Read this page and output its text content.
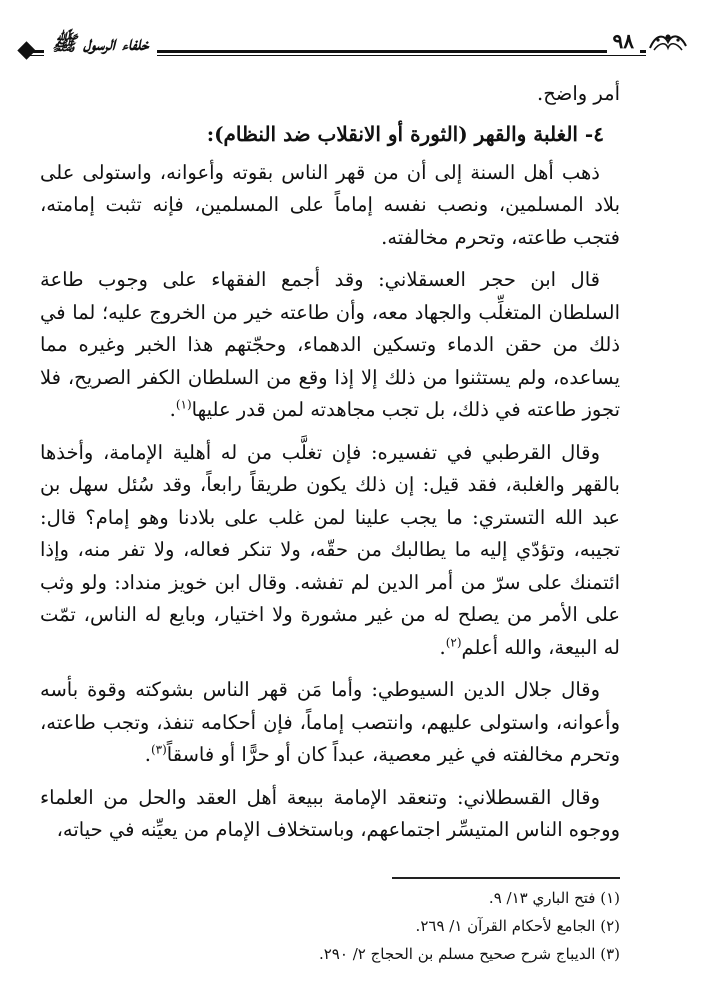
٩٨
خلفاء الرسول ﷺ

أمر واضح.

٤- الغلبة والقهر (الثورة أو الانقلاب ضد النظام):

ذهب أهل السنة إلى أن من قهر الناس بقوته وأعوانه، واستولى على بلاد المسلمين، ونصب نفسه إماماً على المسلمين، فإنه تثبت إمامته، فتجب طاعته، وتحرم مخالفته.

قال ابن حجر العسقلاني: وقد أجمع الفقهاء على وجوب طاعة السلطان المتغلِّب والجهاد معه، وأن طاعته خير من الخروج عليه؛ لما في ذلك من حقن الدماء وتسكين الدهماء، وحجّتهم هذا الخبر وغيره مما يساعده، ولم يستثنوا من ذلك إلا إذا وقع من السلطان الكفر الصريح، فلا تجوز طاعته في ذلك، بل تجب مجاهدته لمن قدر عليها$^{(١)}$.

وقال القرطبي في تفسيره: فإن تغلَّب من له أهلية الإمامة، وأخذها بالقهر والغلبة، فقد قيل: إن ذلك يكون طريقاً رابعاً، وقد سُئل سهل بن عبد الله التستري: ما يجب علينا لمن غلب على بلادنا وهو إمام؟ قال: تجيبه، وتؤدّي إليه ما يطالبك من حقّه، ولا تنكر فعاله، ولا تفر منه، وإذا ائتمنك على سرّ من أمر الدين لم تفشه. وقال ابن خويز منداد: ولو وثب على الأمر من يصلح له من غير مشورة ولا اختيار، وبايع له الناس، تمّت له البيعة، والله أعلم$^{(٢)}$.

وقال جلال الدين السيوطي: وأما مَن قهر الناس بشوكته وقوة بأسه وأعوانه، واستولى عليهم، وانتصب إماماً، فإن أحكامه تنفذ، وتجب طاعته، وتحرم مخالفته في غير معصية، عبداً كان أو حرًّا أو فاسقاً$^{(٣)}$.

وقال القسطلاني: وتنعقد الإمامة ببيعة أهل العقد والحل من العلماء ووجوه الناس المتيسِّر اجتماعهم، وباستخلاف الإمام من يعيِّنه في حياته،

(١) فتح الباري ١٣/ ٩.
(٢) الجامع لأحكام القرآن ١/ ٢٦٩.
(٣) الديباج شرح صحيح مسلم بن الحجاج ٢/ ٢٩٠.
